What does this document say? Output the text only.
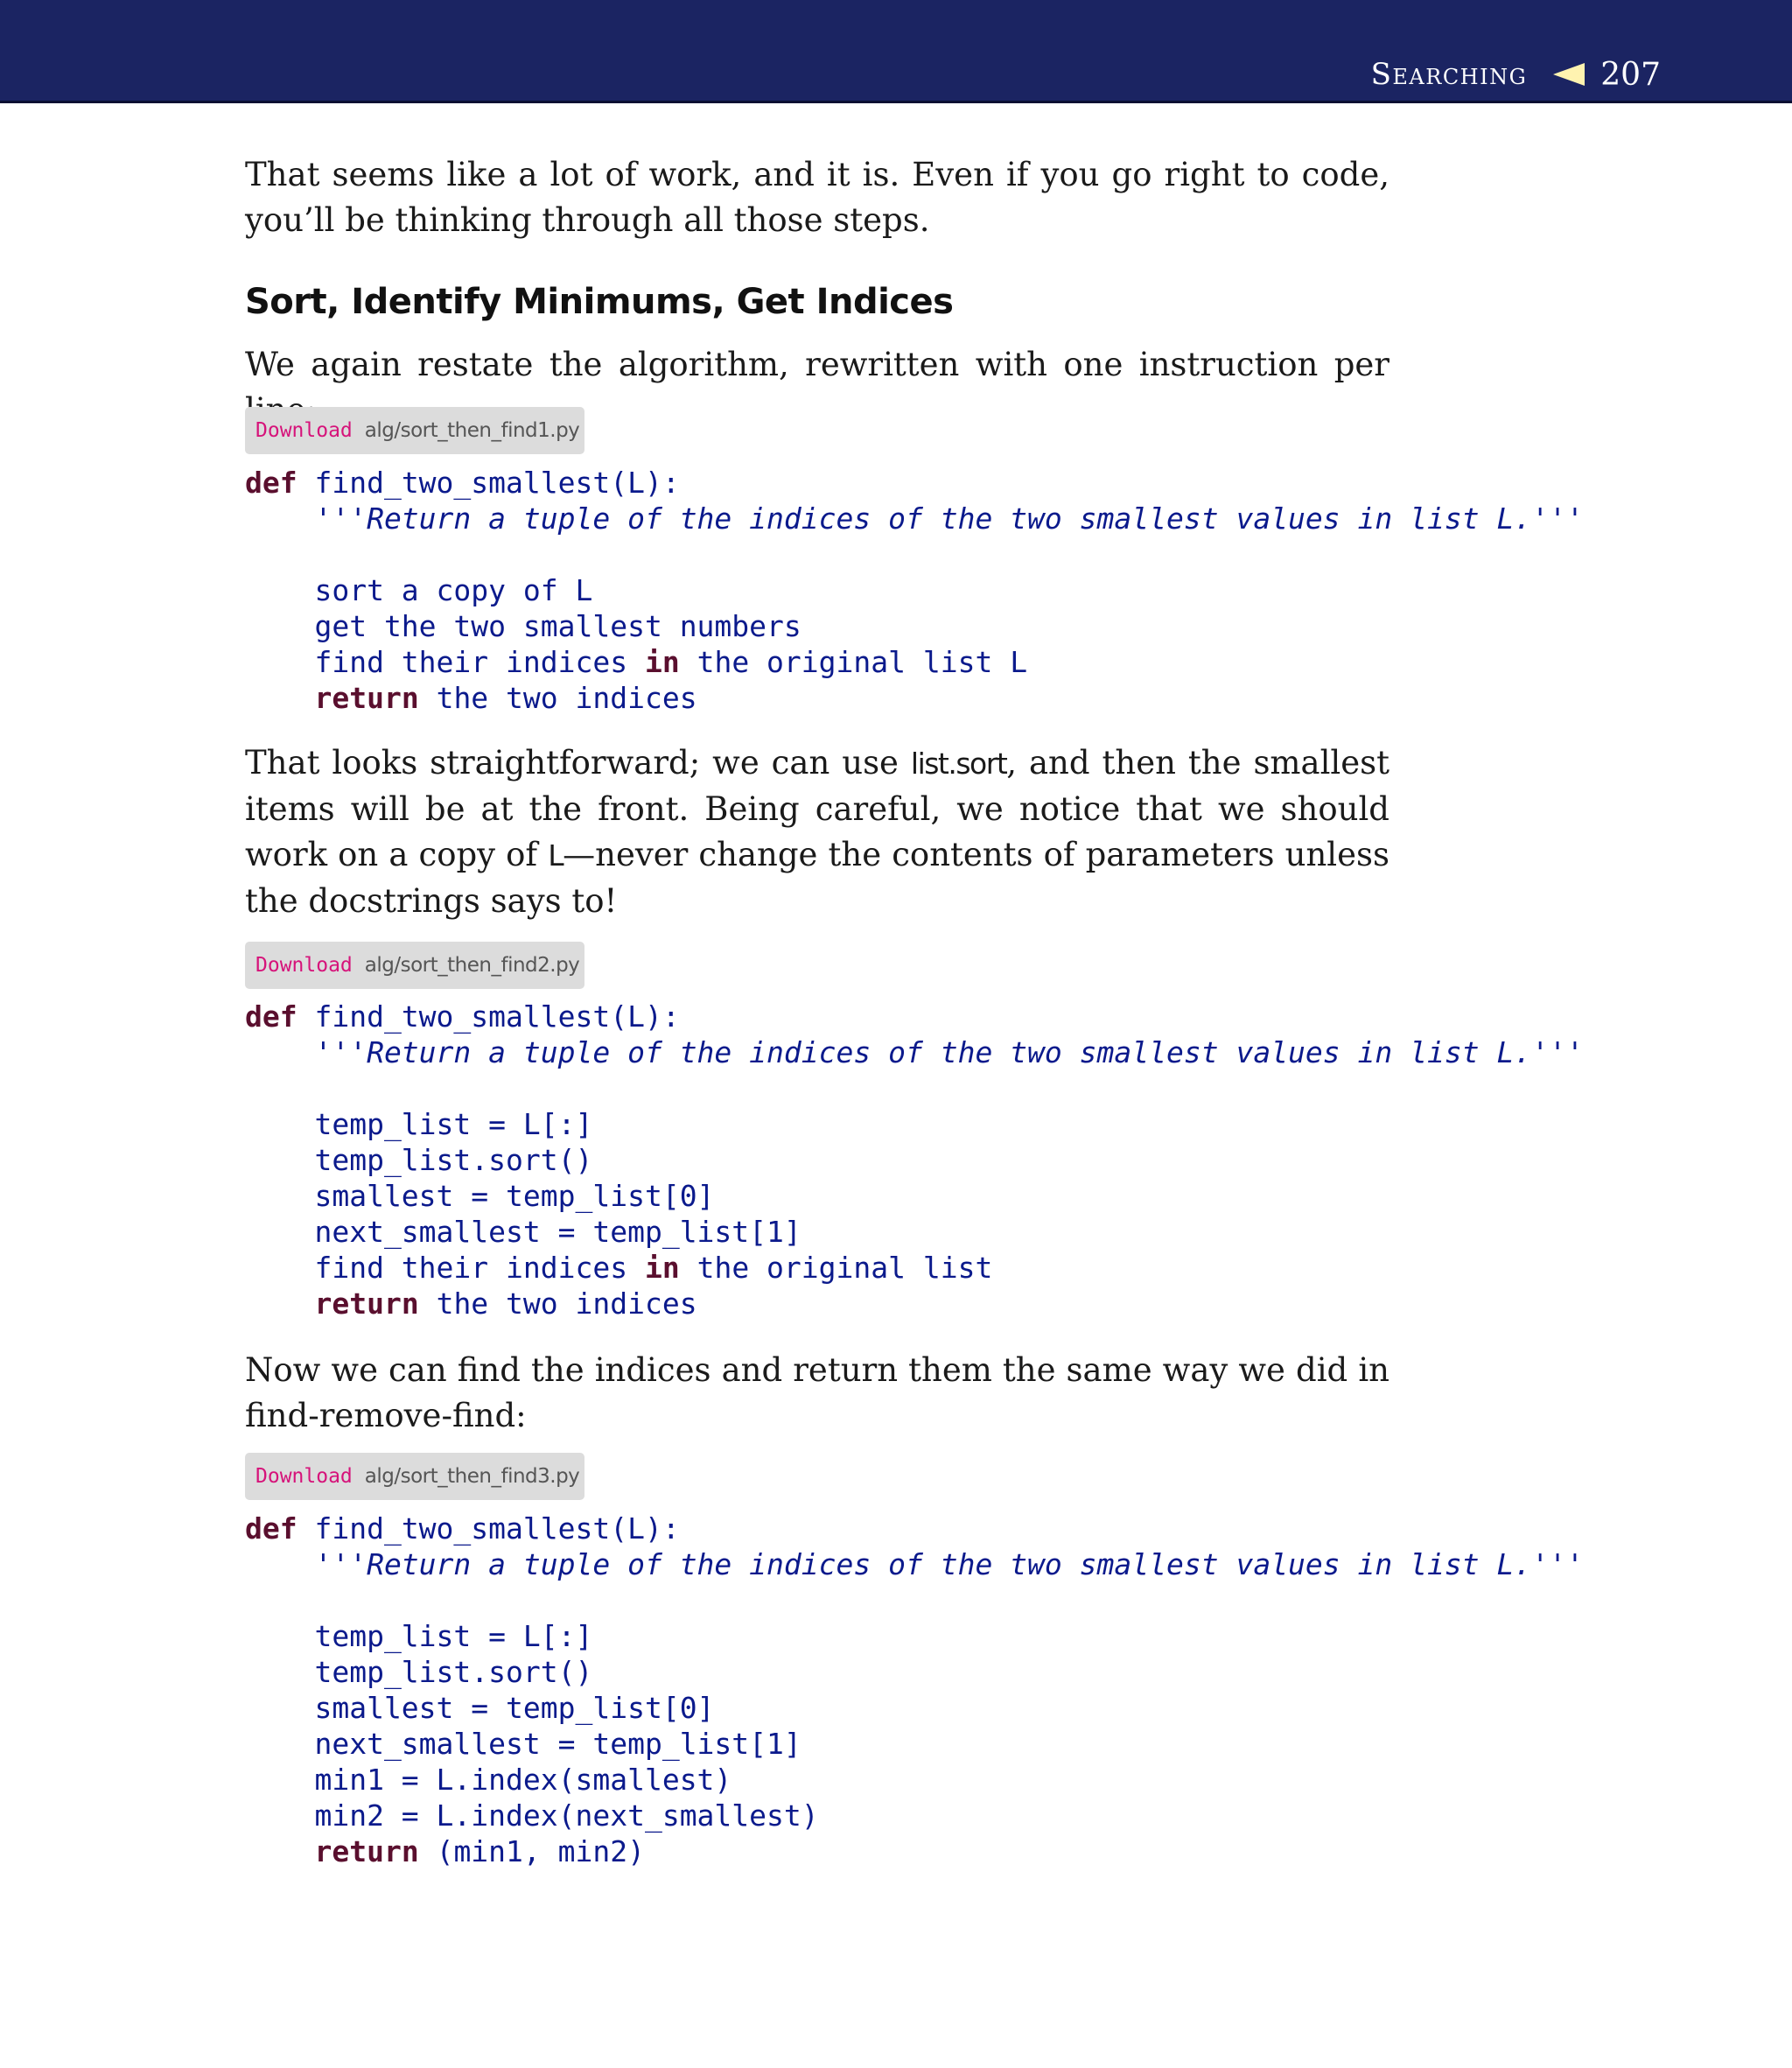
Searching 207

That seems like a lot of work, and it is. Even if you go right to code, you’ll be thinking through all those steps.

Sort, Identify Minimums, Get Indices

We again restate the algorithm, rewritten with one instruction per

Download alg/sort_then_find1.py
def find_two_smallest(L):
'''Return a tuple of the indices of the two smallest values in list L.'''
sort a copy of L
get the two smallest numbers
find their indices in the original list L
return the two indices

That looks straightforward; we can use list.sort, and then the smallest items will be at the front. Being careful, we notice that we should work on a copy of L—never change the contents of parameters unless the docstrings says to!

Download alg/sort_then_find2.py
def find_two_smallest(L):
'''Return a tuple of the indices of the two smallest values in list L.'''
temp_list = L[:]
temp_list.sort()
smallest = temp_list[0]
next_smallest = temp_list[1]
find their indices in the original list
return the two indices

Now we can find the indices and return them the same way we did in find-remove-find:

Download alg/sort_then_find3.py
def find_two_smallest(L):
'''Return a tuple of the indices of the two smallest values in list L.'''
temp_list = L[:]
temp_list.sort()
smallest = temp_list[0]
next_smallest = temp_list[1]
min1 = L.index(smallest)
min2 = L.index(next_smallest)
return (min1, min2)
